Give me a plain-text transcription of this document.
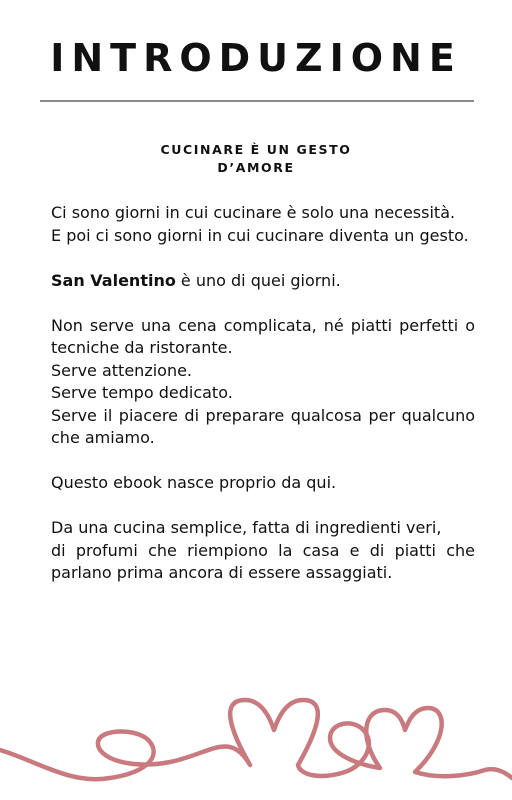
INTRODUZIONE
CUCINARE È UN GESTO
D’AMORE

Ci sono giorni in cui cucinare è solo una necessità.

E poi ci sono giorni in cui cucinare diventa un gesto.

San Valentino è uno di quei giorni.

Non serve una cena complicata, né piatti perfetti o tecniche da ristorante.

Serve attenzione.

Serve tempo dedicato.

Serve il piacere di preparare qualcosa per qualcuno che amiamo.

Questo ebook nasce proprio da qui.

Da una cucina semplice, fatta di ingredienti veri,

di profumi che riempiono la casa e di piatti che parlano prima ancora di essere assaggiati.
